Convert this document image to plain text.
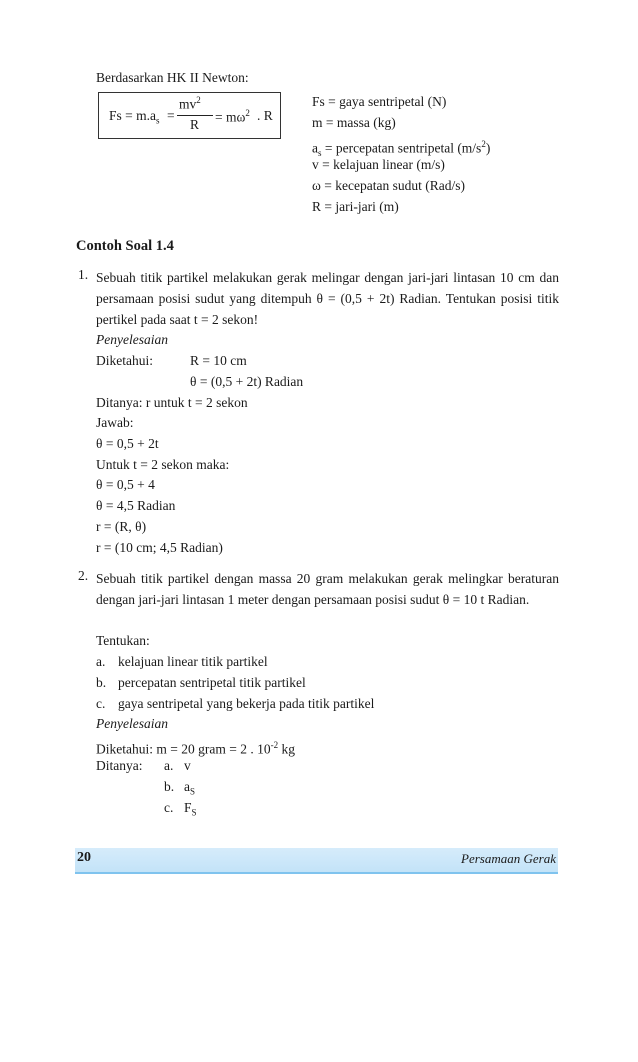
Berdasarkan HK II Newton:
$Fs = m.a_s$ =
$mv^2$
$R = m\omega^2$ . R
Fs = gaya sentripetal (N)
m = massa (kg)
$a_s$ = percepatan sentripetal $(m/s^2)$
v = kelajuan linear (m/s)
ω = kecepatan sudut (Rad/s)
R = jari-jari (m)
Contoh Soal 1.4
1. Sebuah titik partikel melakukan gerak melingar dengan jari-jari lintasan 10 cm dan persamaan posisi sudut yang ditempuh θ = (0,5 + 2t) Radian. Tentukan posisi titik pertikel pada saat t = 2 sekon!
Penyelesaian
Diketahui:	R = 10 cm
θ = (0,5 + 2t) Radian
Ditanya: r untuk t = 2 sekon
Jawab:
θ = 0,5 + 2t
Untuk t = 2 sekon maka:
θ = 0,5 + 4
θ = 4,5 Radian
r = (R, θ)
r = (10 cm; 4,5 Radian)
2. Sebuah titik partikel dengan massa 20 gram melakukan gerak melingkar beraturan dengan jari-jari lintasan 1 meter dengan persamaan posisi sudut θ = 10 t Radian.
Tentukan:
a. kelajuan linear titik partikel
b. percepatan sentripetal titik partikel
c. gaya sentripetal yang bekerja pada titik partikel
Penyelesaian
Diketahui: m = 20 gram = 2 . $10^{-2}$ kg
Ditanya: a. v
b. $a_S$
c. $F_S$
20	Persamaan Gerak
